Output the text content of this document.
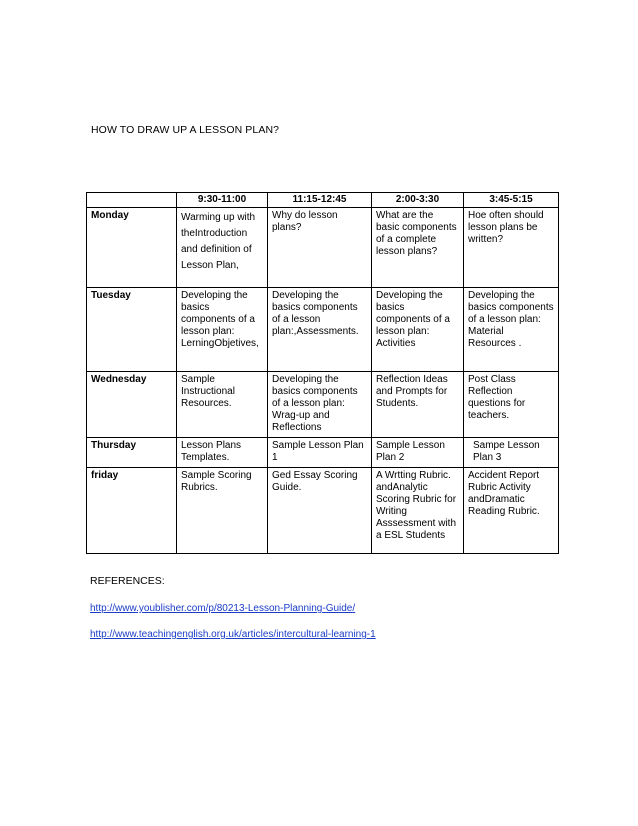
HOW TO DRAW UP A LESSON PLAN?
	9:30-11:00	11:15-12:45	2:00-3:30	3:45-5:15
Monday	Warming up with theIntroduction and definition of Lesson Plan,	Why do lesson plans?	What are the basic components of a complete lesson plans?	Hoe often should lesson plans be written?
Tuesday	Developing the basics components of a lesson plan: LerningObjetives,	Developing the basics components of a lesson plan:,Assessments.	Developing the basics components of a lesson plan: Activities	Developing the basics components of a lesson plan: Material Resources .
Wednesday	Sample Instructional Resources.	Developing the basics components of a lesson plan: Wrag-up and Reflections	Reflection Ideas and Prompts for Students.	Post Class Reflection questions for teachers.
Thursday	Lesson Plans Templates.	Sample Lesson Plan 1	Sample Lesson Plan 2	Sampe Lesson Plan 3
friday	Sample Scoring Rubrics.	Ged Essay Scoring Guide.	A Wrtting Rubric. andAnalytic Scoring Rubric for Writing Asssessment with a ESL Students	Accident Report Rubric Activity andDramatic Reading Rubric.
REFERENCES:
http://www.youblisher.com/p/80213-Lesson-Planning-Guide/
http://www.teachingenglish.org.uk/articles/intercultural-learning-1
